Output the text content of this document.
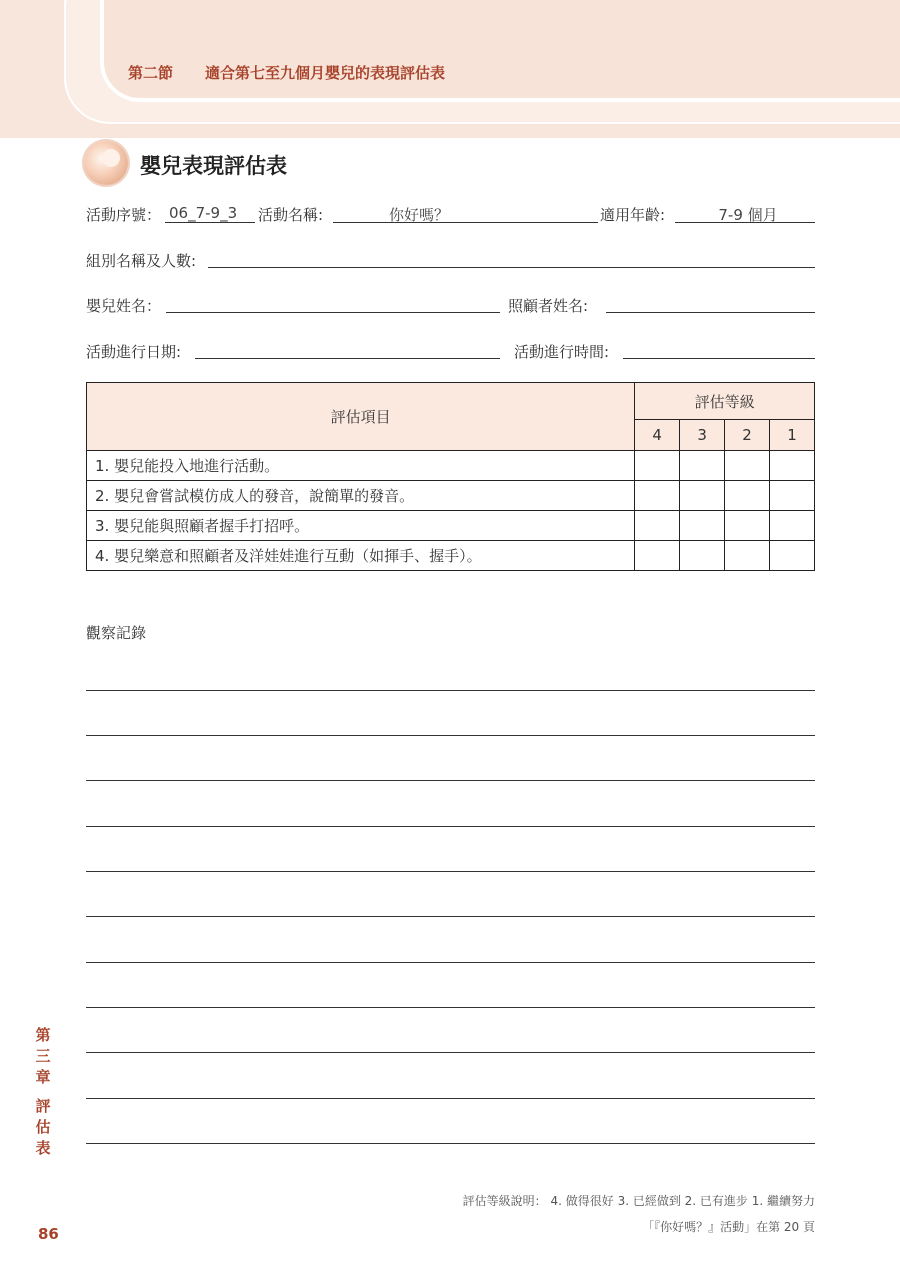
第二節 適合第七至九個月嬰兒的表現評估表
嬰兒表現評估表
活動序號： 06_7-9_3	活動名稱:	你好嗎？	適用年齡:	7-9 個月
組別名稱及人數:
嬰兒姓名：	照顧者姓名:
活動進行日期:	活動進行時間:
評估項目	評估等級			
	4	3	2	1
1. 嬰兒能投入地進行活動。				
2. 嬰兒會嘗試模仿成人的發音，說簡單的發音。				
3. 嬰兒能與照顧者握手打招呼。				
4. 嬰兒樂意和照顧者及洋娃娃進行互動（如揮手、握手）。				
觀察記錄
第三章
評估表
86
評估等級說明： 4. 做得很好 3. 已經做到 2. 已有進步 1. 繼續努力
「『你好嗎？』活動」在第 20 頁
